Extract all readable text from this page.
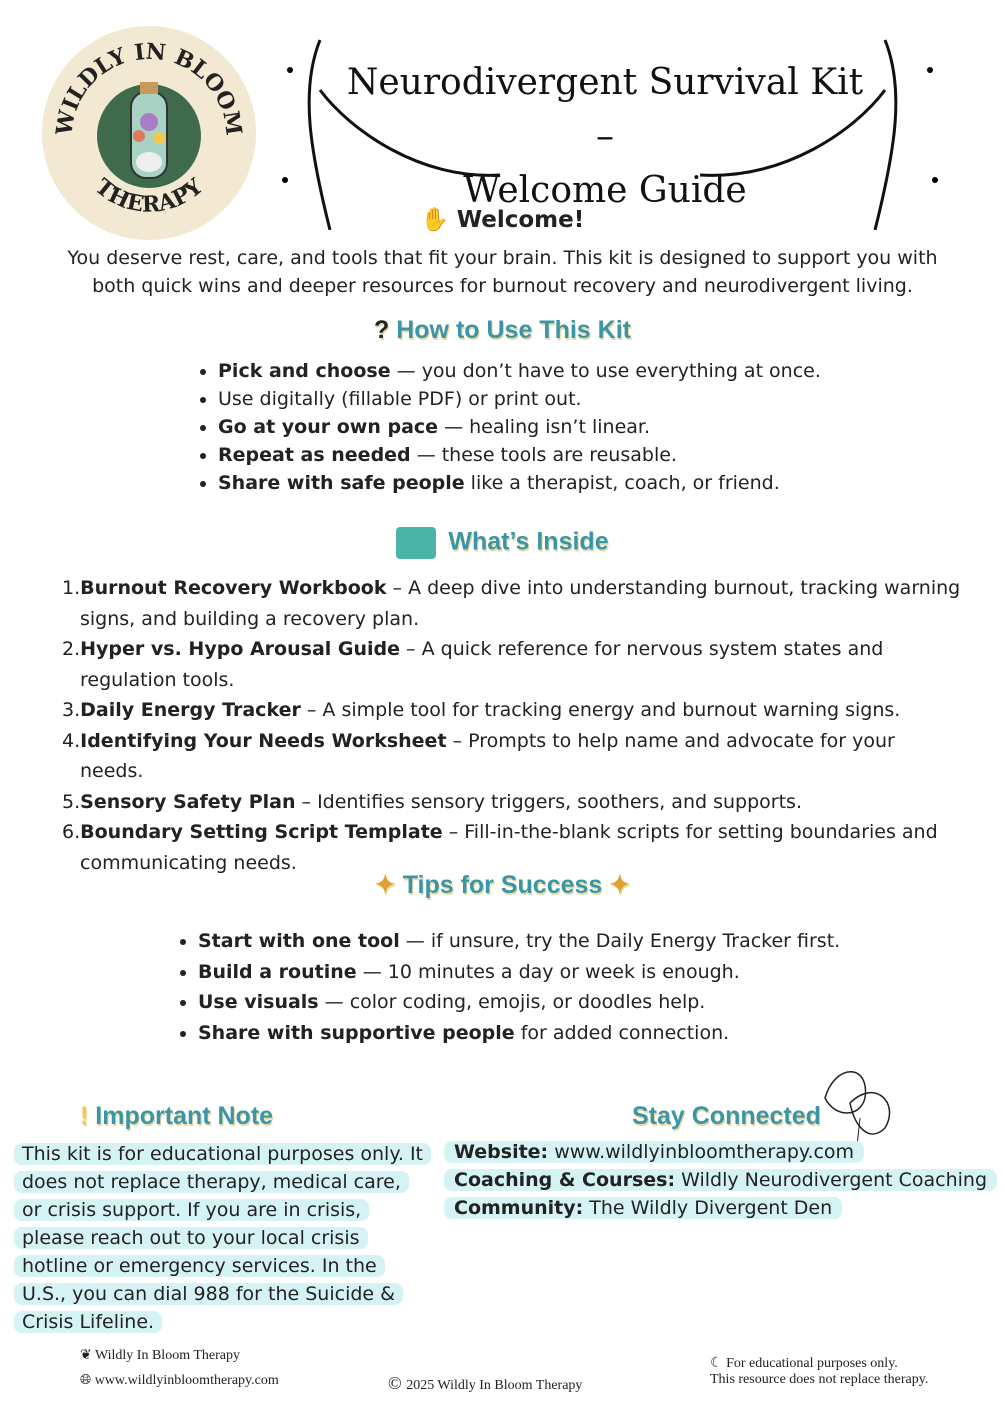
WILDLY IN BLOOM
THERAPY
Neurodivergent Survival Kit –
Welcome Guide
✋ Welcome!
You deserve rest, care, and tools that fit your brain. This kit is designed to support you with both quick wins and deeper resources for burnout recovery and neurodivergent living.
? How to Use This Kit
• Pick and choose — you don’t have to use everything at once.
• Use digitally (fillable PDF) or print out.
• Go at your own pace — healing isn’t linear.
• Repeat as needed — these tools are reusable.
• Share with safe people like a therapist, coach, or friend.
What’s Inside
1.Burnout Recovery Workbook – A deep dive into understanding burnout, tracking warning signs, and building a recovery plan.
2.Hyper vs. Hypo Arousal Guide – A quick reference for nervous system states and regulation tools.
3.Daily Energy Tracker – A simple tool for tracking energy and burnout warning signs.
4.Identifying Your Needs Worksheet – Prompts to help name and advocate for your needs.
5.Sensory Safety Plan – Identifies sensory triggers, soothers, and supports.
6.Boundary Setting Script Template – Fill-in-the-blank scripts for setting boundaries and communicating needs.
✦ Tips for Success ✦
• Start with one tool — if unsure, try the Daily Energy Tracker first.
• Build a routine — 10 minutes a day or week is enough.
• Use visuals — color coding, emojis, or doodles help.
• Share with supportive people for added connection.
! Important Note
This kit is for educational purposes only. It does not replace therapy, medical care, or crisis support. If you are in crisis, please reach out to your local crisis hotline or emergency services. In the U.S., you can dial 988 for the Suicide & Crisis Lifeline.
Stay Connected
Website: www.wildlyinbloomtherapy.com
Coaching & Courses: Wildly Neurodivergent Coaching
Community: The Wildly Divergent Den
❦ Wildly In Bloom Therapy
🌐︎ www.wildlyinbloomtherapy.com	© 2025 Wildly In Bloom Therapy
☾ For educational purposes only.
This resource does not replace therapy.
